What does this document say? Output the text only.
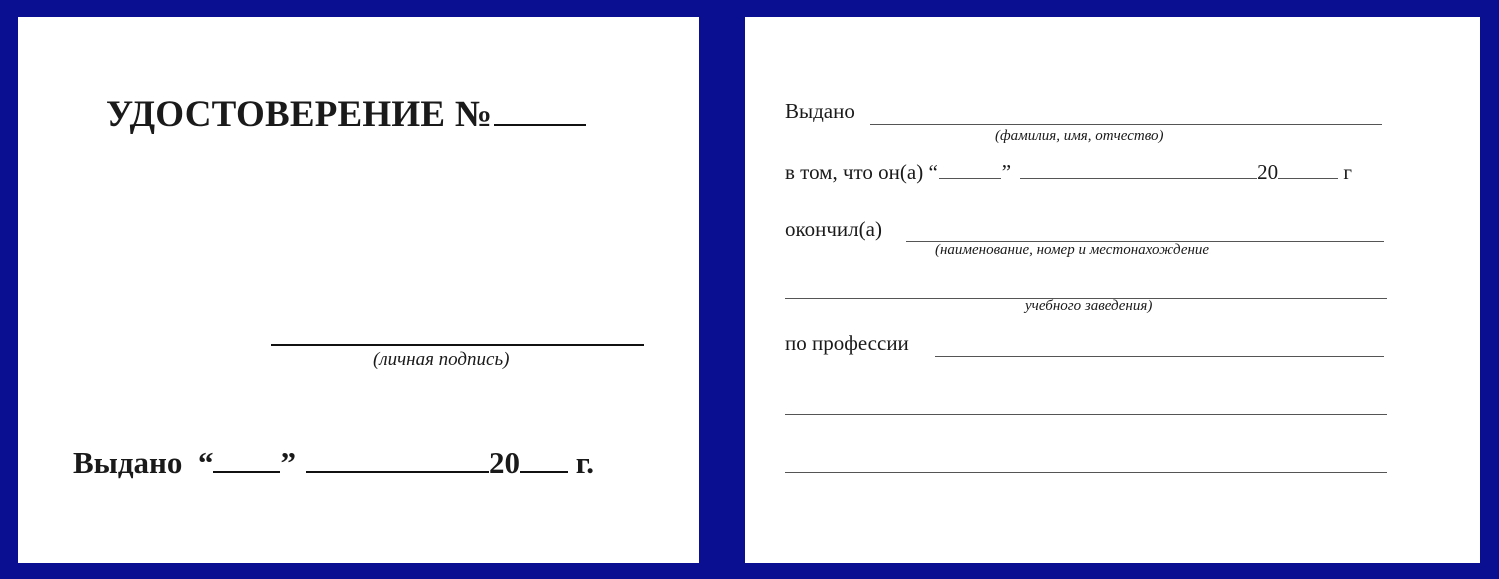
УДОСТОВЕРЕНИЕ №
(личная подпись)
Выдано “ ”	20 г.
Выдано
(фамилия, имя, отчество)
в том, что он(а) “	”	20	г
окончил(а)
(наименование, номер и местонахождение
учебного заведения)
по профессии
